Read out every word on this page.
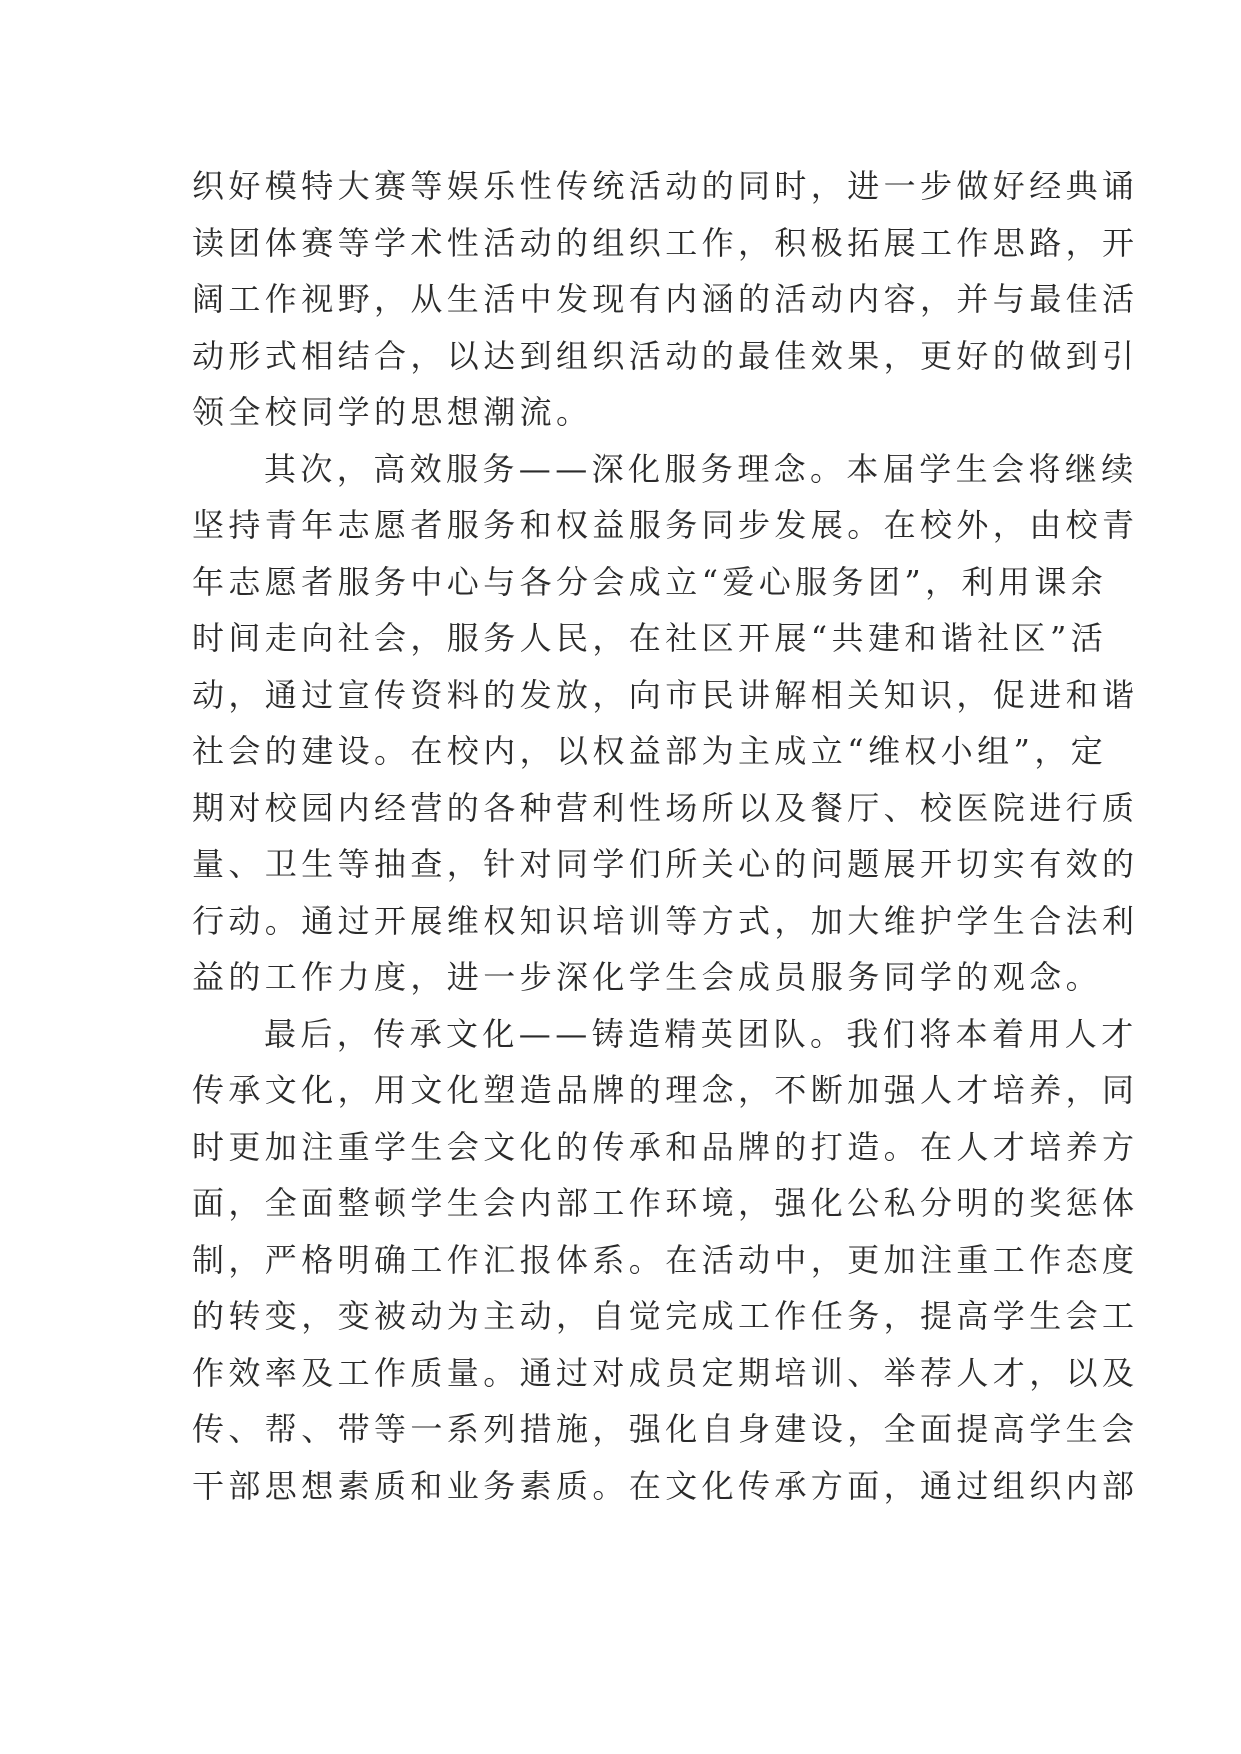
织好模特大赛等娱乐性传统活动的同时，进一步做好经典诵
读团体赛等学术性活动的组织工作，积极拓展工作思路，开
阔工作视野，从生活中发现有内涵的活动内容，并与最佳活
动形式相结合，以达到组织活动的最佳效果，更好的做到引
领全校同学的思想潮流。
其次，高效服务——深化服务理念。本届学生会将继续
坚持青年志愿者服务和权益服务同步发展。在校外，由校青
年志愿者服务中心与各分会成立“爱心服务团”，利用课余
时间走向社会，服务人民，在社区开展“共建和谐社区”活
动，通过宣传资料的发放，向市民讲解相关知识，促进和谐
社会的建设。在校内，以权益部为主成立“维权小组”，定
期对校园内经营的各种营利性场所以及餐厅、校医院进行质
量、卫生等抽查，针对同学们所关心的问题展开切实有效的
行动。通过开展维权知识培训等方式，加大维护学生合法利
益的工作力度，进一步深化学生会成员服务同学的观念。
最后，传承文化——铸造精英团队。我们将本着用人才
传承文化，用文化塑造品牌的理念，不断加强人才培养，同
时更加注重学生会文化的传承和品牌的打造。在人才培养方
面，全面整顿学生会内部工作环境，强化公私分明的奖惩体
制，严格明确工作汇报体系。在活动中，更加注重工作态度
的转变，变被动为主动，自觉完成工作任务，提高学生会工
作效率及工作质量。通过对成员定期培训、举荐人才，以及
传、帮、带等一系列措施，强化自身建设，全面提高学生会
干部思想素质和业务素质。在文化传承方面，通过组织内部
